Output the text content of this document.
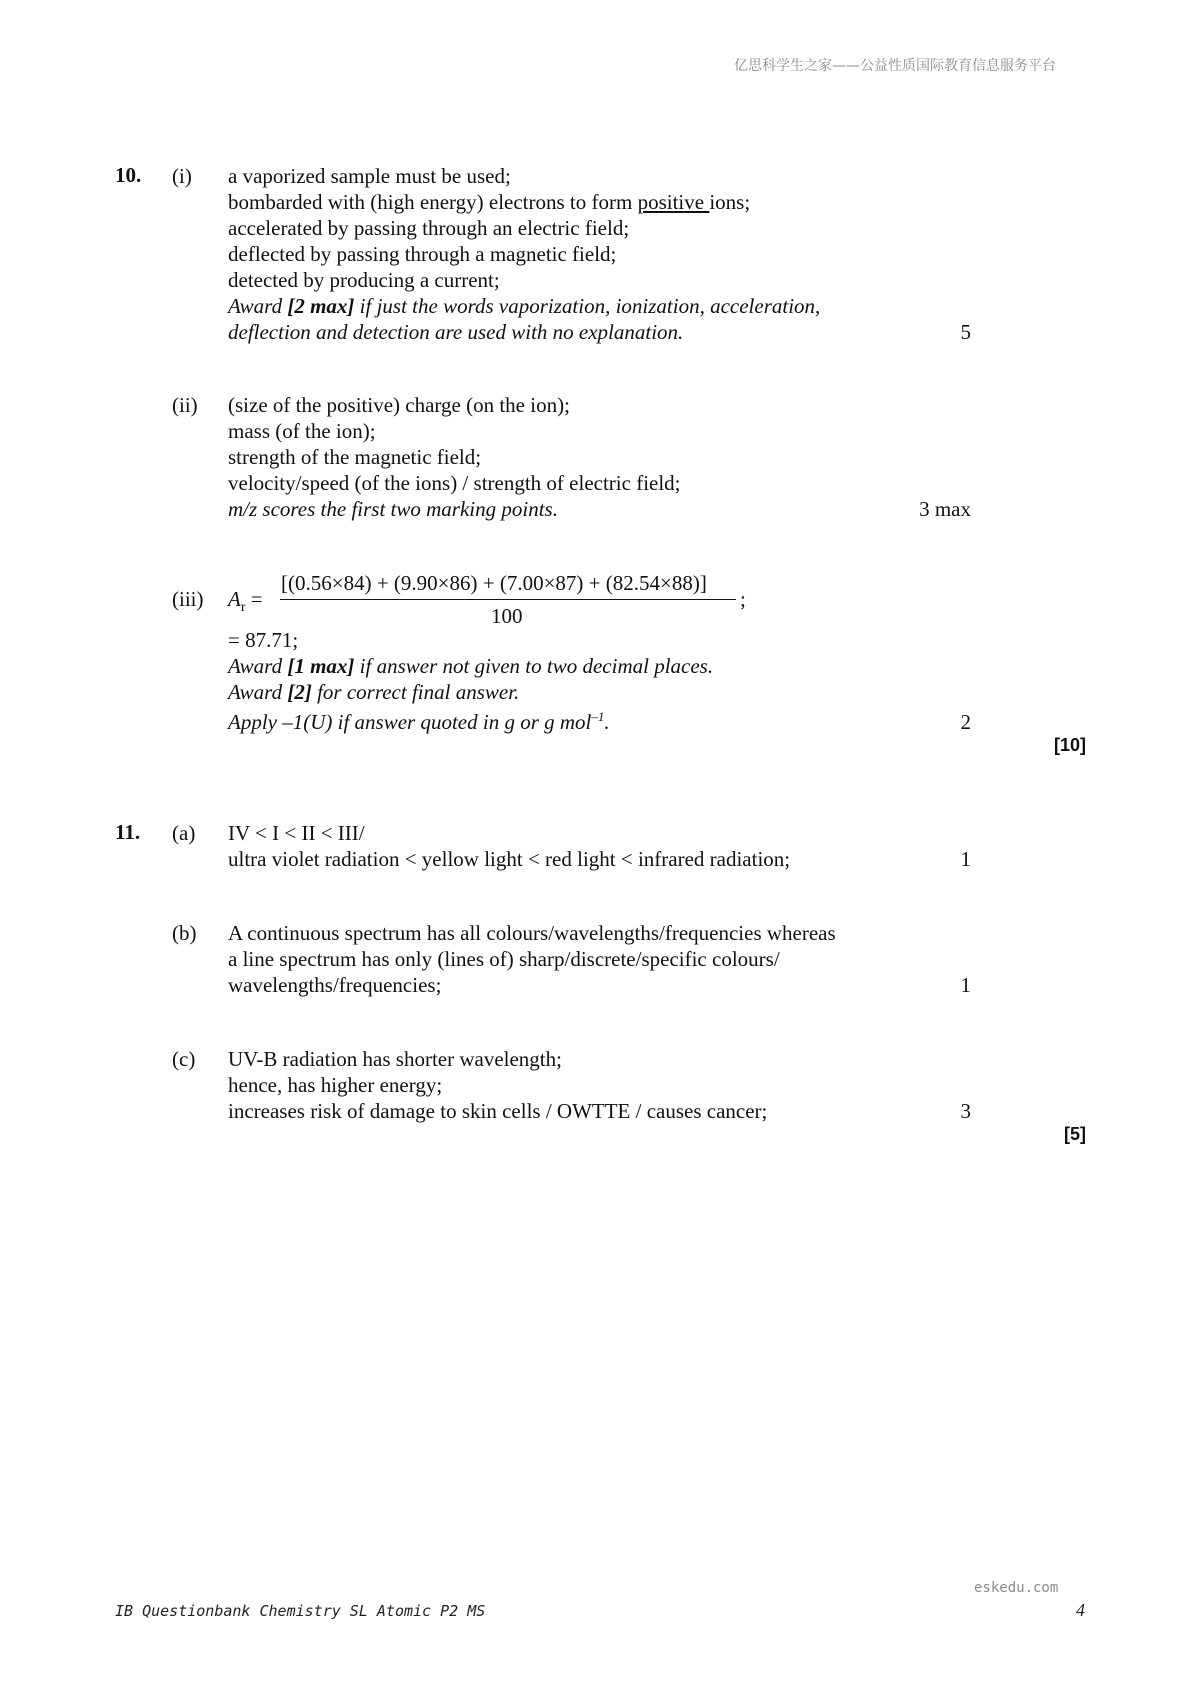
亿思科学生之家——公益性质国际教育信息服务平台
10. (i) a vaporized sample must be used;
bombarded with (high energy) electrons to form positive ions;
accelerated by passing through an electric field;
deflected by passing through a magnetic field;
detected by producing a current;
Award [2 max] if just the words vaporization, ionization, acceleration,
deflection and detection are used with no explanation.	5
(ii) (size of the positive) charge (on the ion);
mass (of the ion);
strength of the magnetic field;
velocity/speed (of the ions) / strength of electric field;
m/z scores the first two marking points.	3 max
(iii) $A_r$ =
[(0.56×84) + (9.90×86) + (7.00×87) + (82.54×88)]
100
;
= 87.71;
Award [1 max] if answer not given to two decimal places.
Award [2] for correct final answer.
Apply –1(U) if answer quoted in g or g mol$^{-1}$.	2
[10]
11. (a) IV < I < II < III/
ultra violet radiation < yellow light < red light < infrared radiation;	1
(b) A continuous spectrum has all colours/wavelengths/frequencies whereas
a line spectrum has only (lines of) sharp/discrete/specific colours/
wavelengths/frequencies;	1
(c) UV-B radiation has shorter wavelength;
hence, has higher energy;
increases risk of damage to skin cells / OWTTE / causes cancer;	3
[5]
eskedu.com
IB Questionbank Chemistry SL Atomic P2 MS	4
